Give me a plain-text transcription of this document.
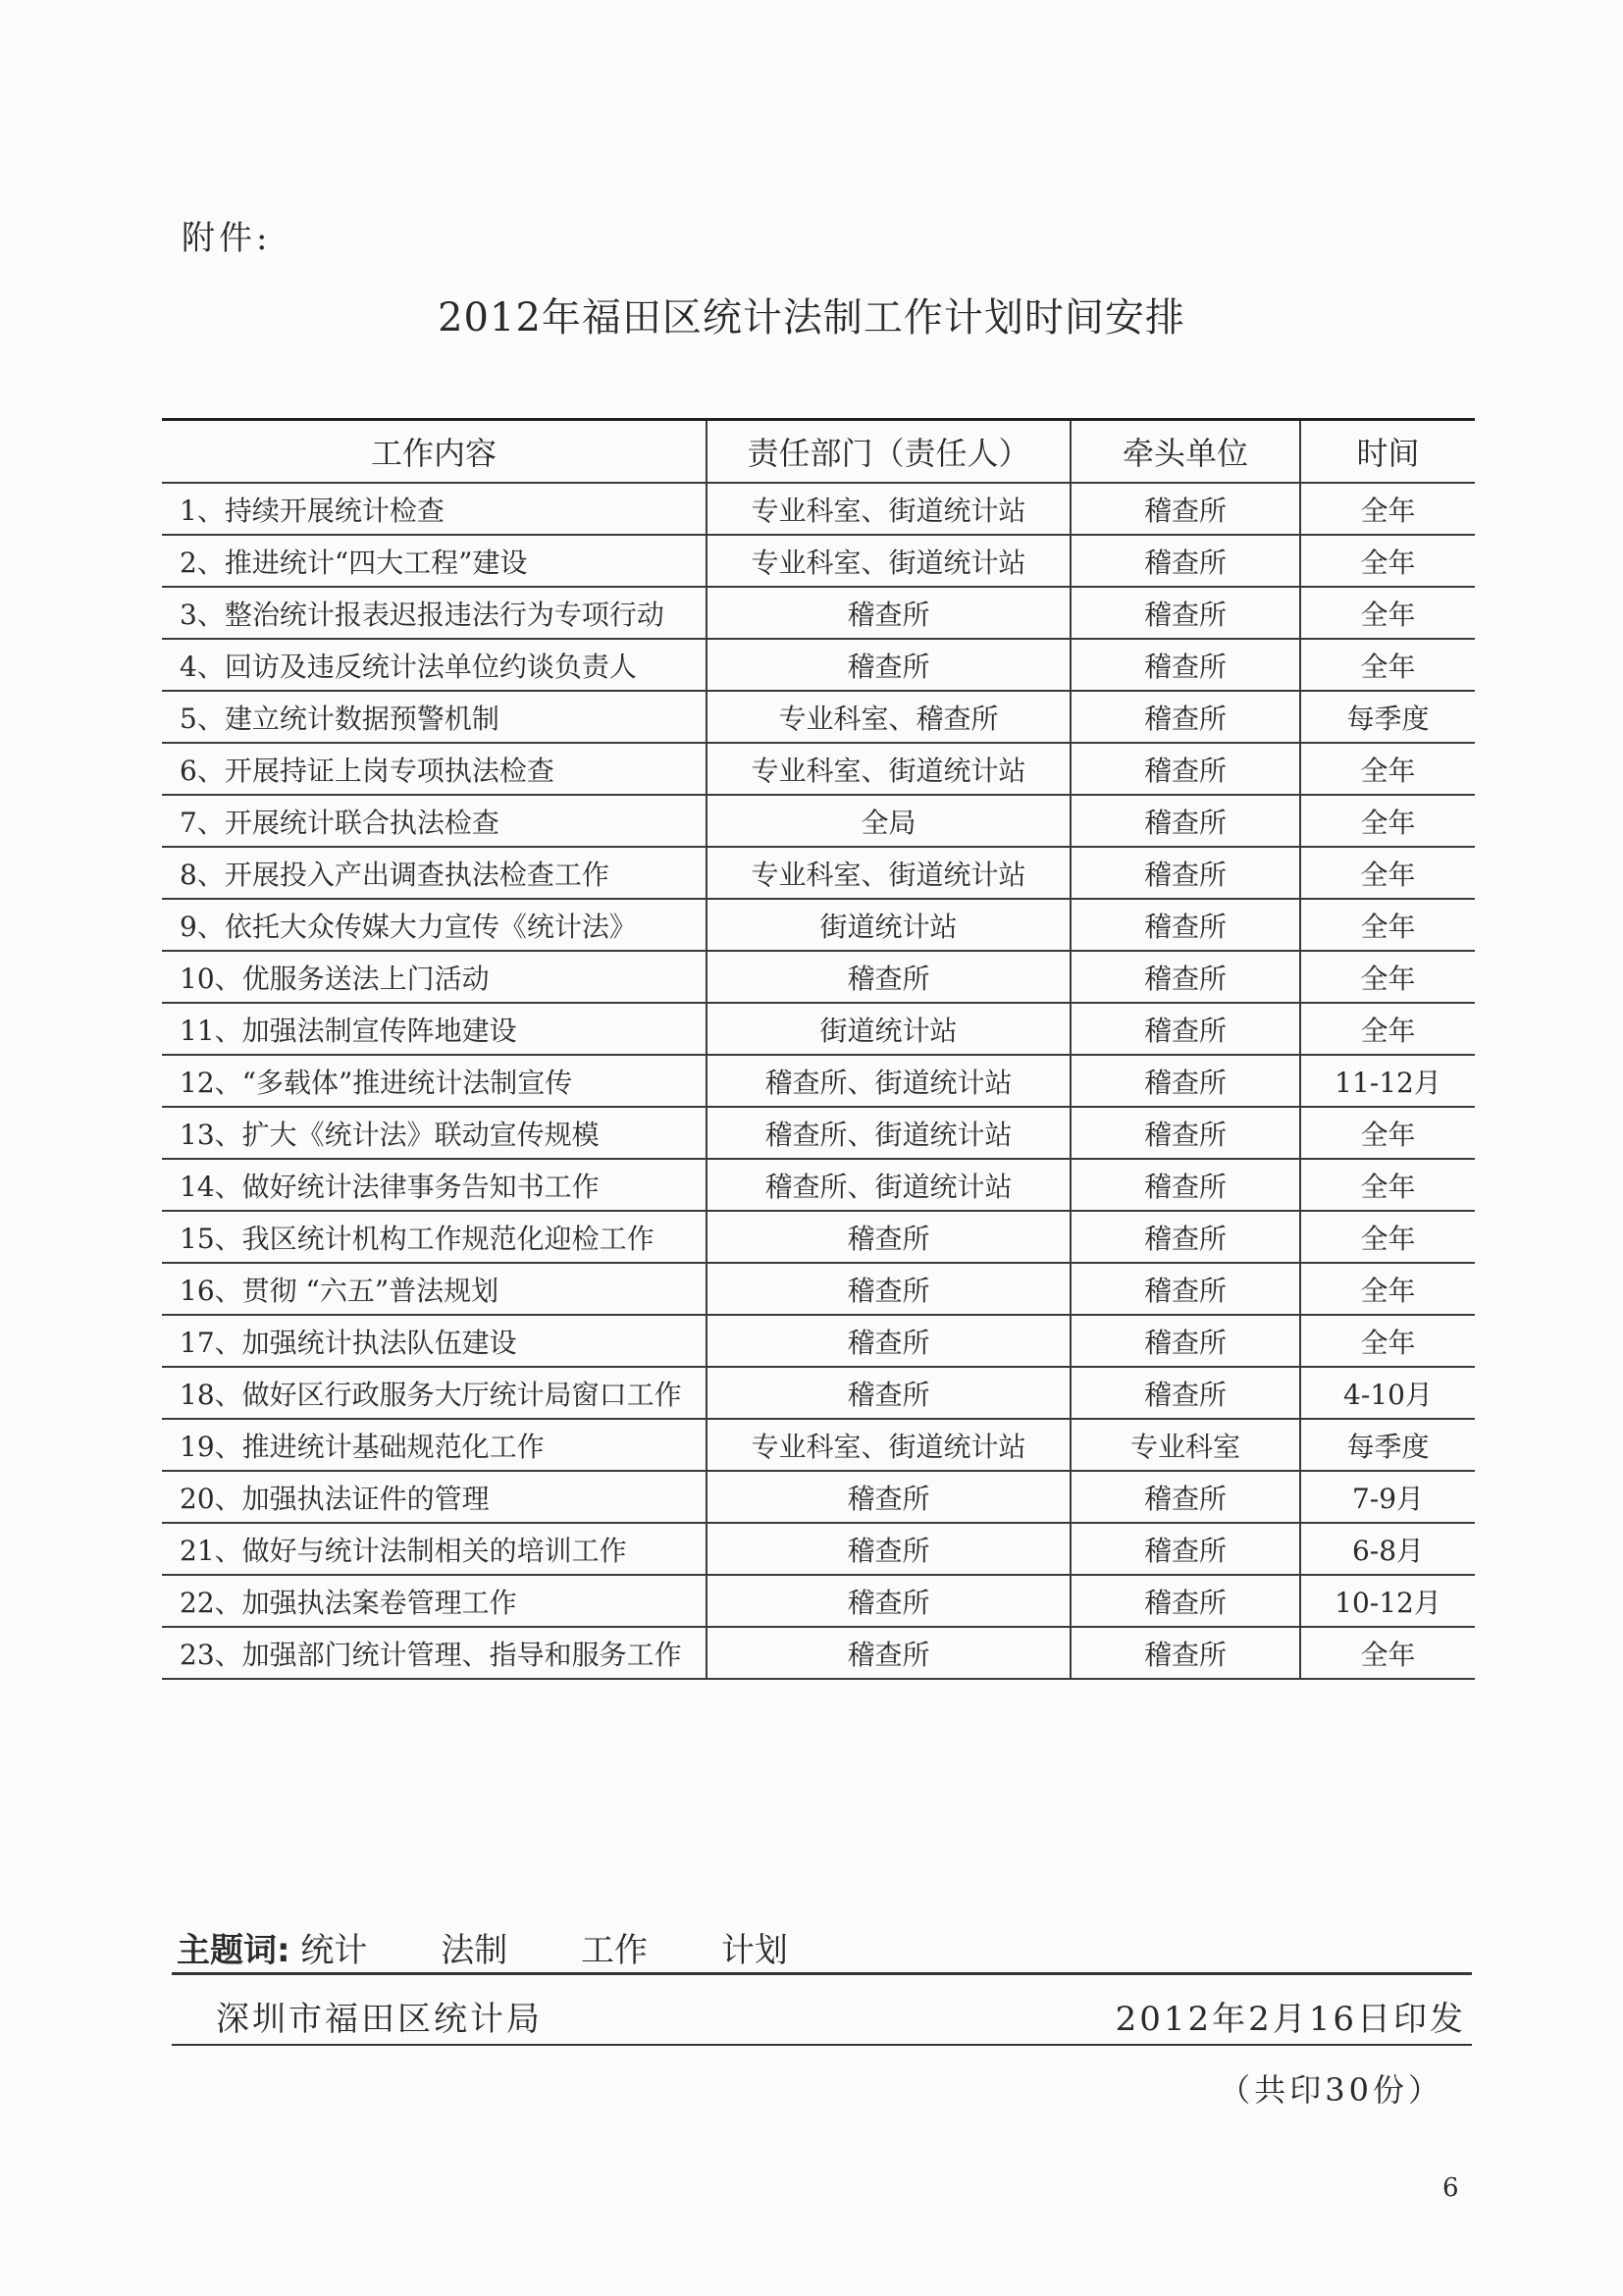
附件:
2012年福田区统计法制工作计划时间安排
工作内容	责任部门（责任人）	牵头单位	时间
1、持续开展统计检查	专业科室、街道统计站	稽查所	全年
2、推进统计“四大工程”建设	专业科室、街道统计站	稽查所	全年
3、整治统计报表迟报违法行为专项行动	稽查所	稽查所	全年
4、回访及违反统计法单位约谈负责人	稽查所	稽查所	全年
5、建立统计数据预警机制	专业科室、稽查所	稽查所	每季度
6、开展持证上岗专项执法检查	专业科室、街道统计站	稽查所	全年
7、开展统计联合执法检查	全局	稽查所	全年
8、开展投入产出调查执法检查工作	专业科室、街道统计站	稽查所	全年
9、依托大众传媒大力宣传《统计法》	街道统计站	稽查所	全年
10、优服务送法上门活动	稽查所	稽查所	全年
11、加强法制宣传阵地建设	街道统计站	稽查所	全年
12、“多载体”推进统计法制宣传	稽查所、街道统计站	稽查所	11-12月
13、扩大《统计法》联动宣传规模	稽查所、街道统计站	稽查所	全年
14、做好统计法律事务告知书工作	稽查所、街道统计站	稽查所	全年
15、我区统计机构工作规范化迎检工作	稽查所	稽查所	全年
16、贯彻 “六五”普法规划	稽查所	稽查所	全年
17、加强统计执法队伍建设	稽查所	稽查所	全年
18、做好区行政服务大厅统计局窗口工作	稽查所	稽查所	4-10月
19、推进统计基础规范化工作	专业科室、街道统计站	专业科室	每季度
20、加强执法证件的管理	稽查所	稽查所	7-9月
21、做好与统计法制相关的培训工作	稽查所	稽查所	6-8月
22、加强执法案卷管理工作	稽查所	稽查所	10-12月
23、加强部门统计管理、指导和服务工作	稽查所	稽查所	全年
主题词: 统计 法制 工作 计划
深圳市福田区统计局	2012年2月16日印发
（共印30份）
6
